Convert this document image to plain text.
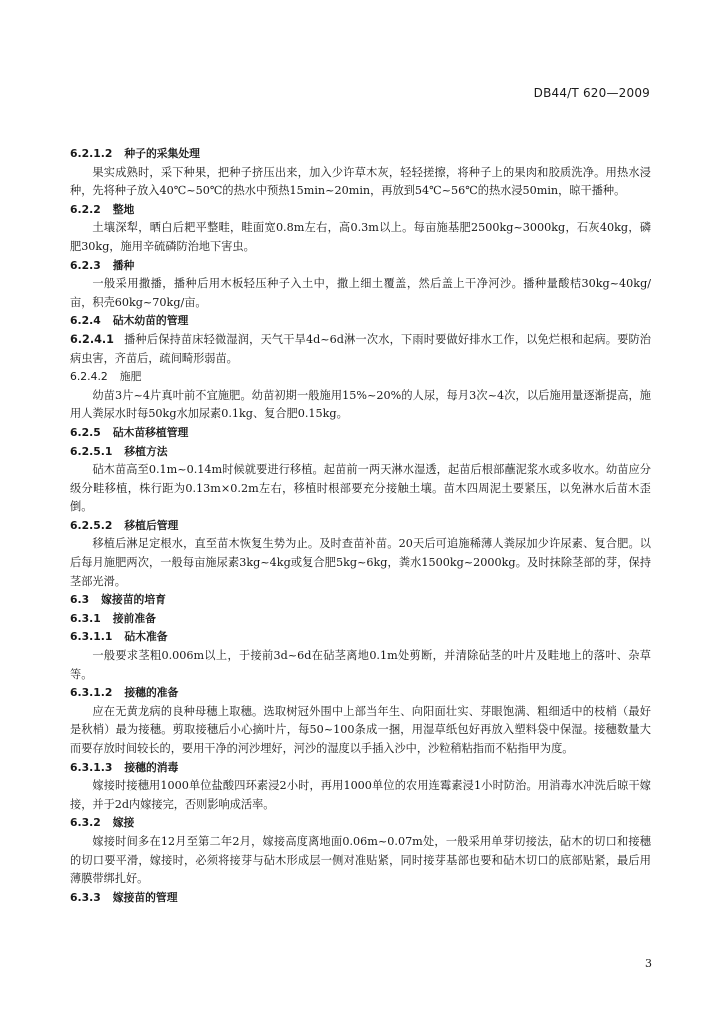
DB44/T 620—2009

6.2.1.2 种子的采集处理

果实成熟时，采下种果，把种子挤压出来，加入少许草木灰，轻轻搓擦，将种子上的果肉和胶质洗净。用热水浸种，先将种子放入40℃~50℃的热水中预热15min~20min，再放到54℃~56℃的热水浸50min，晾干播种。

6.2.2 整地

土壤深犁，晒白后耙平整畦，畦面宽0.8m左右，高0.3m以上。每亩施基肥2500kg~3000kg，石灰40kg，磷肥30kg，施用辛硫磷防治地下害虫。

6.2.3 播种

一般采用撒播，播种后用木板轻压种子入土中，撒上细土覆盖，然后盖上干净河沙。播种量酸桔30kg~40kg/亩，积壳60kg~70kg/亩。

6.2.4 砧木幼苗的管理

6.2.4.1 播种后保持苗床轻微湿润，天气干旱4d~6d淋一次水，下雨时要做好排水工作，以免烂根和起病。要防治病虫害，齐苗后，疏间畸形弱苗。

6.2.4.2 施肥

幼苗3片~4片真叶前不宜施肥。幼苗初期一般施用15%~20%的人尿，每月3次~4次，以后施用量逐渐提高，施用人粪尿水时每50kg水加尿素0.1kg、复合肥0.15kg。

6.2.5 砧木苗移植管理

6.2.5.1 移植方法

砧木苗高至0.1m~0.14m时候就要进行移植。起苗前一两天淋水湿透，起苗后根部蘸泥浆水或多收水。幼苗应分级分畦移植，株行距为0.13m×0.2m左右，移植时根部要充分接触土壤。苗木四周泥土要紧压，以免淋水后苗木歪倒。

6.2.5.2 移植后管理

移植后淋足定根水，直至苗木恢复生势为止。及时查苗补苗。20天后可追施稀薄人粪尿加少许尿素、复合肥。以后每月施肥两次，一般每亩施尿素3kg~4kg或复合肥5kg~6kg，粪水1500kg~2000kg。及时抹除茎部的芽，保持茎部光滑。

6.3 嫁接苗的培育

6.3.1 接前准备

6.3.1.1 砧木准备

一般要求茎粗0.006m以上，于接前3d~6d在砧茎离地0.1m处剪断，并清除砧茎的叶片及畦地上的落叶、杂草等。

6.3.1.2 接穗的准备

应在无黄龙病的良种母穗上取穗。选取树冠外围中上部当年生、向阳面壮实、芽眼饱满、粗细适中的枝梢（最好是秋梢）最为接穗。剪取接穗后小心摘叶片，每50~100条成一捆，用湿草纸包好再放入塑料袋中保湿。接穗数量大而要存放时间较长的，要用干净的河沙埋好，河沙的湿度以手插入沙中，沙粒稍粘指而不粘指甲为度。

6.3.1.3 接穗的消毒

嫁接时接穗用1000单位盐酸四环素浸2小时，再用1000单位的农用连霉素浸1小时防治。用消毒水冲洗后晾干嫁接，并于2d内嫁接完，否则影响成活率。

6.3.2 嫁接

嫁接时间多在12月至第二年2月，嫁接高度离地面0.06m~0.07m处，一般采用单芽切接法，砧木的切口和接穗的切口要平滑，嫁接时，必须将接芽与砧木形成层一侧对准贴紧，同时接芽基部也要和砧木切口的底部贴紧，最后用薄膜带绑扎好。

6.3.3 嫁接苗的管理

3
